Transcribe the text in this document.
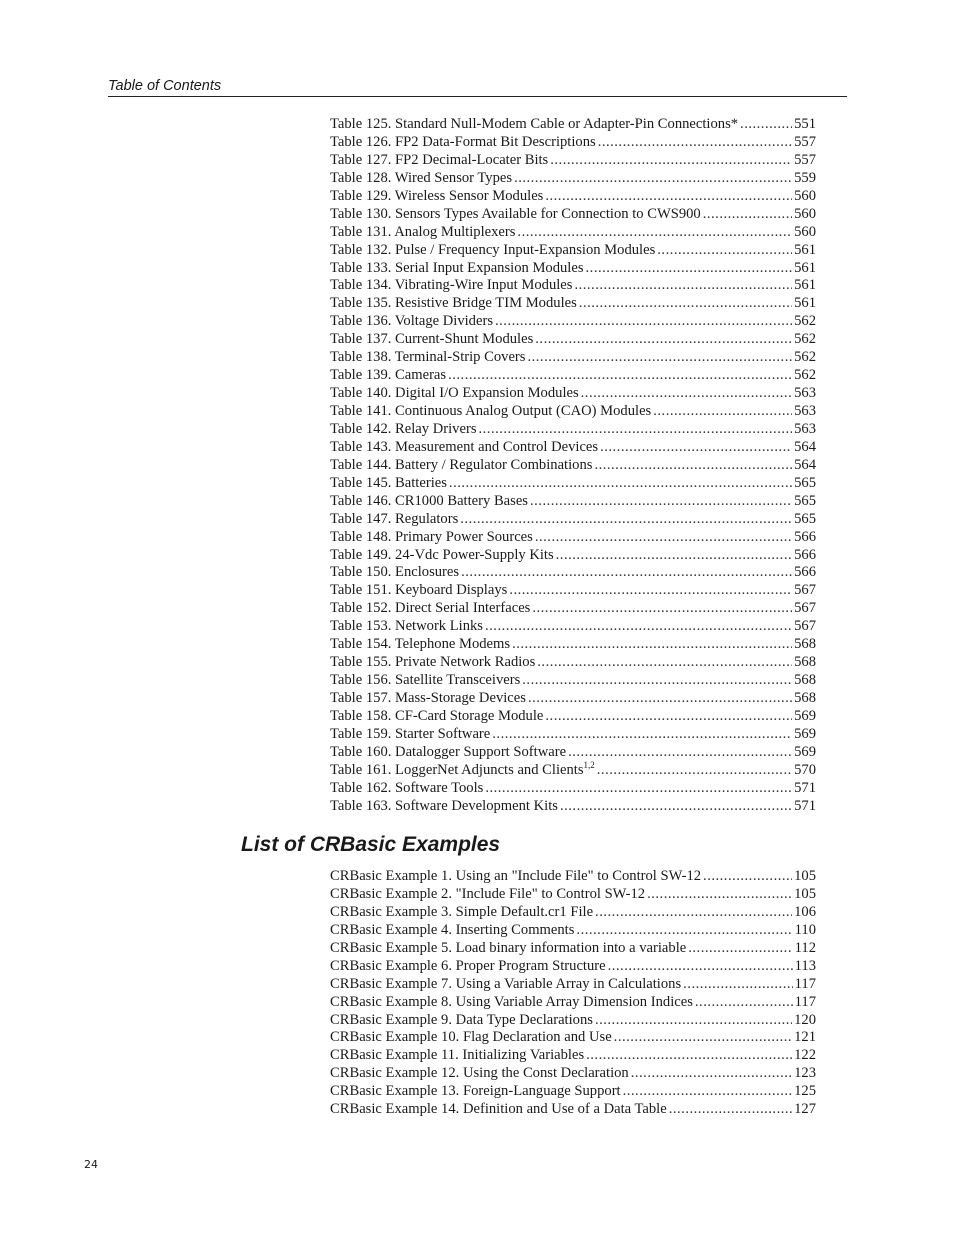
Table of Contents
Table 125. Standard Null-Modem Cable or Adapter-Pin Connections* .....	551
Table 126. FP2 Data-Format Bit Descriptions .....	557
Table 127. FP2 Decimal-Locater Bits .....	557
Table 128. Wired Sensor Types .....	559
Table 129. Wireless Sensor Modules .....	560
Table 130. Sensors Types Available for Connection to CWS900 .....	560
Table 131. Analog Multiplexers .....	560
Table 132. Pulse / Frequency Input-Expansion Modules .....	561
Table 133. Serial Input Expansion Modules .....	561
Table 134. Vibrating-Wire Input Modules .....	561
Table 135. Resistive Bridge TIM Modules .....	561
Table 136. Voltage Dividers .....	562
Table 137. Current-Shunt Modules .....	562
Table 138. Terminal-Strip Covers .....	562
Table 139. Cameras .....	562
Table 140. Digital I/O Expansion Modules .....	563
Table 141. Continuous Analog Output (CAO) Modules .....	563
Table 142. Relay Drivers .....	563
Table 143. Measurement and Control Devices .....	564
Table 144. Battery / Regulator Combinations .....	564
Table 145. Batteries .....	565
Table 146. CR1000 Battery Bases .....	565
Table 147. Regulators .....	565
Table 148. Primary Power Sources .....	566
Table 149. 24-Vdc Power-Supply Kits .....	566
Table 150. Enclosures .....	566
Table 151. Keyboard Displays .....	567
Table 152. Direct Serial Interfaces .....	567
Table 153. Network Links .....	567
Table 154. Telephone Modems .....	568
Table 155. Private Network Radios .....	568
Table 156. Satellite Transceivers .....	568
Table 157. Mass-Storage Devices .....	568
Table 158. CF-Card Storage Module .....	569
Table 159. Starter Software .....	569
Table 160. Datalogger Support Software .....	569
Table 161. LoggerNet Adjuncts and Clients$^{1,2}$ .....	570
Table 162. Software Tools .....	571
Table 163. Software Development Kits .....	571
List of CRBasic Examples
CRBasic Example 1. Using an "Include File" to Control SW-12 .....	105
CRBasic Example 2. "Include File" to Control SW-12 .....	105
CRBasic Example 3. Simple Default.cr1 File .....	106
CRBasic Example 4. Inserting Comments .....	110
CRBasic Example 5. Load binary information into a variable .....	112
CRBasic Example 6. Proper Program Structure .....	113
CRBasic Example 7. Using a Variable Array in Calculations .....	117
CRBasic Example 8. Using Variable Array Dimension Indices .....	117
CRBasic Example 9. Data Type Declarations .....	120
CRBasic Example 10. Flag Declaration and Use .....	121
CRBasic Example 11. Initializing Variables .....	122
CRBasic Example 12. Using the Const Declaration .....	123
CRBasic Example 13. Foreign-Language Support .....	125
CRBasic Example 14. Definition and Use of a Data Table .....	127
24
